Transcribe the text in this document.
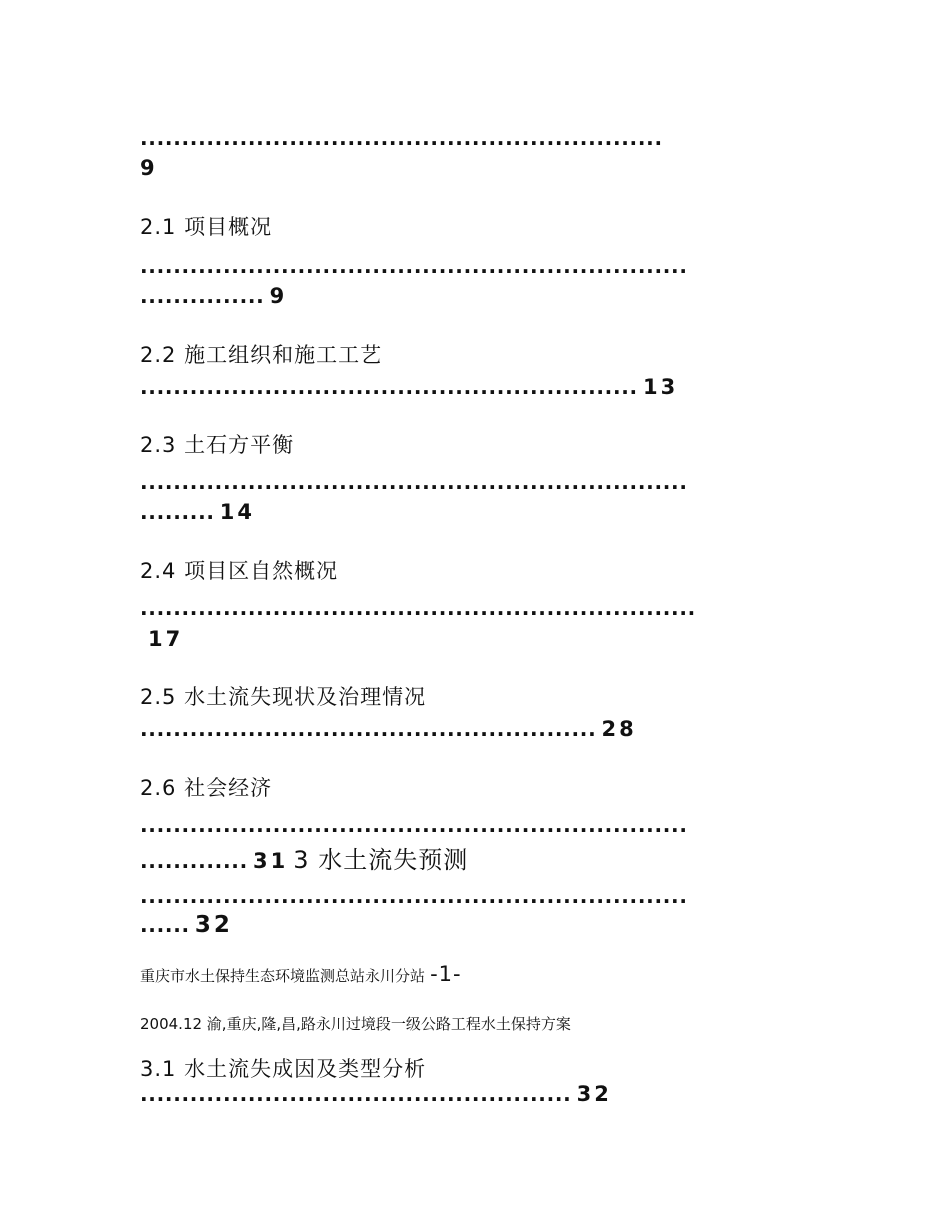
...............................................................
9
2.1 项目概况
..................................................................
............... 9
2.2 施工组织和施工工艺
............................................................ 13
2.3 土石方平衡
..................................................................
......... 14
2.4 项目区自然概况
...................................................................
17
2.5 水土流失现状及治理情况
....................................................... 28
2.6 社会经济
..................................................................
............. 31 3 水土流失预测
..................................................................
...... 32
重庆市水土保持生态环境监测总站永川分站 -1-
2004.12 渝,重庆,隆,昌,路永川过境段一级公路工程水土保持方案
3.1 水土流失成因及类型分析
.................................................... 32
